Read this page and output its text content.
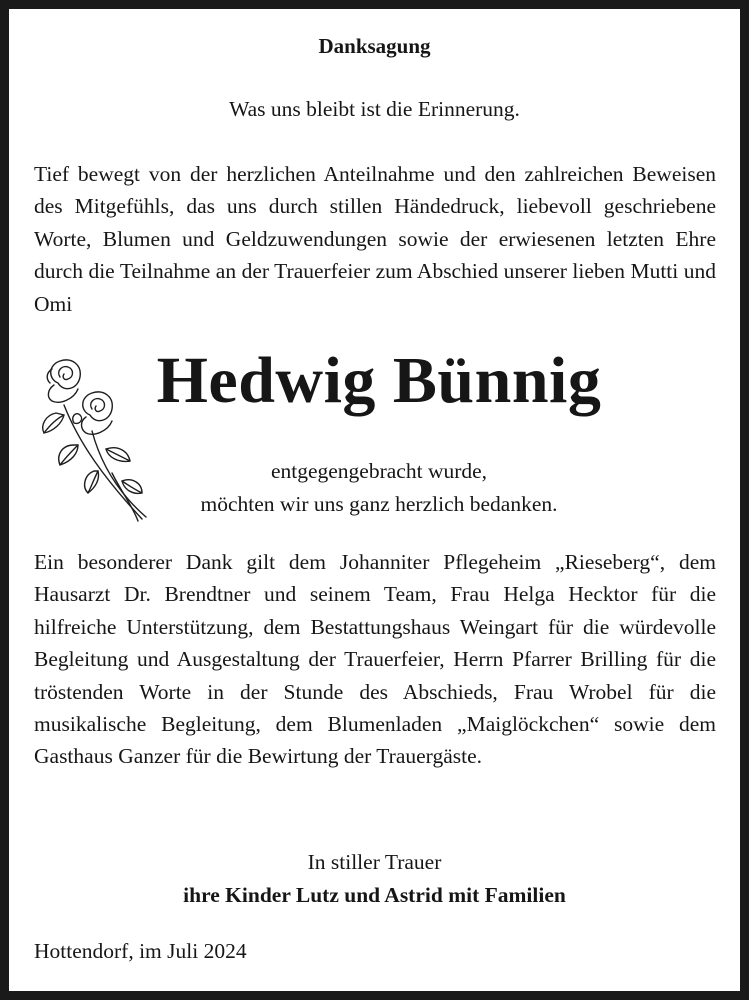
Danksagung
Was uns bleibt ist die Erinnerung.
Tief bewegt von der herzlichen Anteilnahme und den zahlreichen Beweisen des Mitgefühls, das uns durch stillen Händedruck, liebevoll geschriebene Worte, Blumen und Geldzuwendungen sowie der erwiesenen letzten Ehre durch die Teilnahme an der Trauerfeier zum Abschied unserer lieben Mutti und Omi
Hedwig Bünnig
entgegengebracht wurde,
möchten wir uns ganz herzlich bedanken.
Ein besonderer Dank gilt dem Johanniter Pflegeheim „Rieseberg“, dem Hausarzt Dr. Brendtner und seinem Team, Frau Helga Hecktor für die hilfreiche Unterstützung, dem Bestattungshaus Weingart für die würdevolle Begleitung und Ausgestaltung der Trauerfeier, Herrn Pfarrer Brilling für die tröstenden Worte in der Stunde des Abschieds, Frau Wrobel für die musikalische Begleitung, dem Blumenladen „Maiglöckchen“ sowie dem Gasthaus Ganzer für die Bewirtung der Trauergäste.
In stiller Trauer
ihre Kinder Lutz und Astrid mit Familien
Hottendorf, im Juli 2024
